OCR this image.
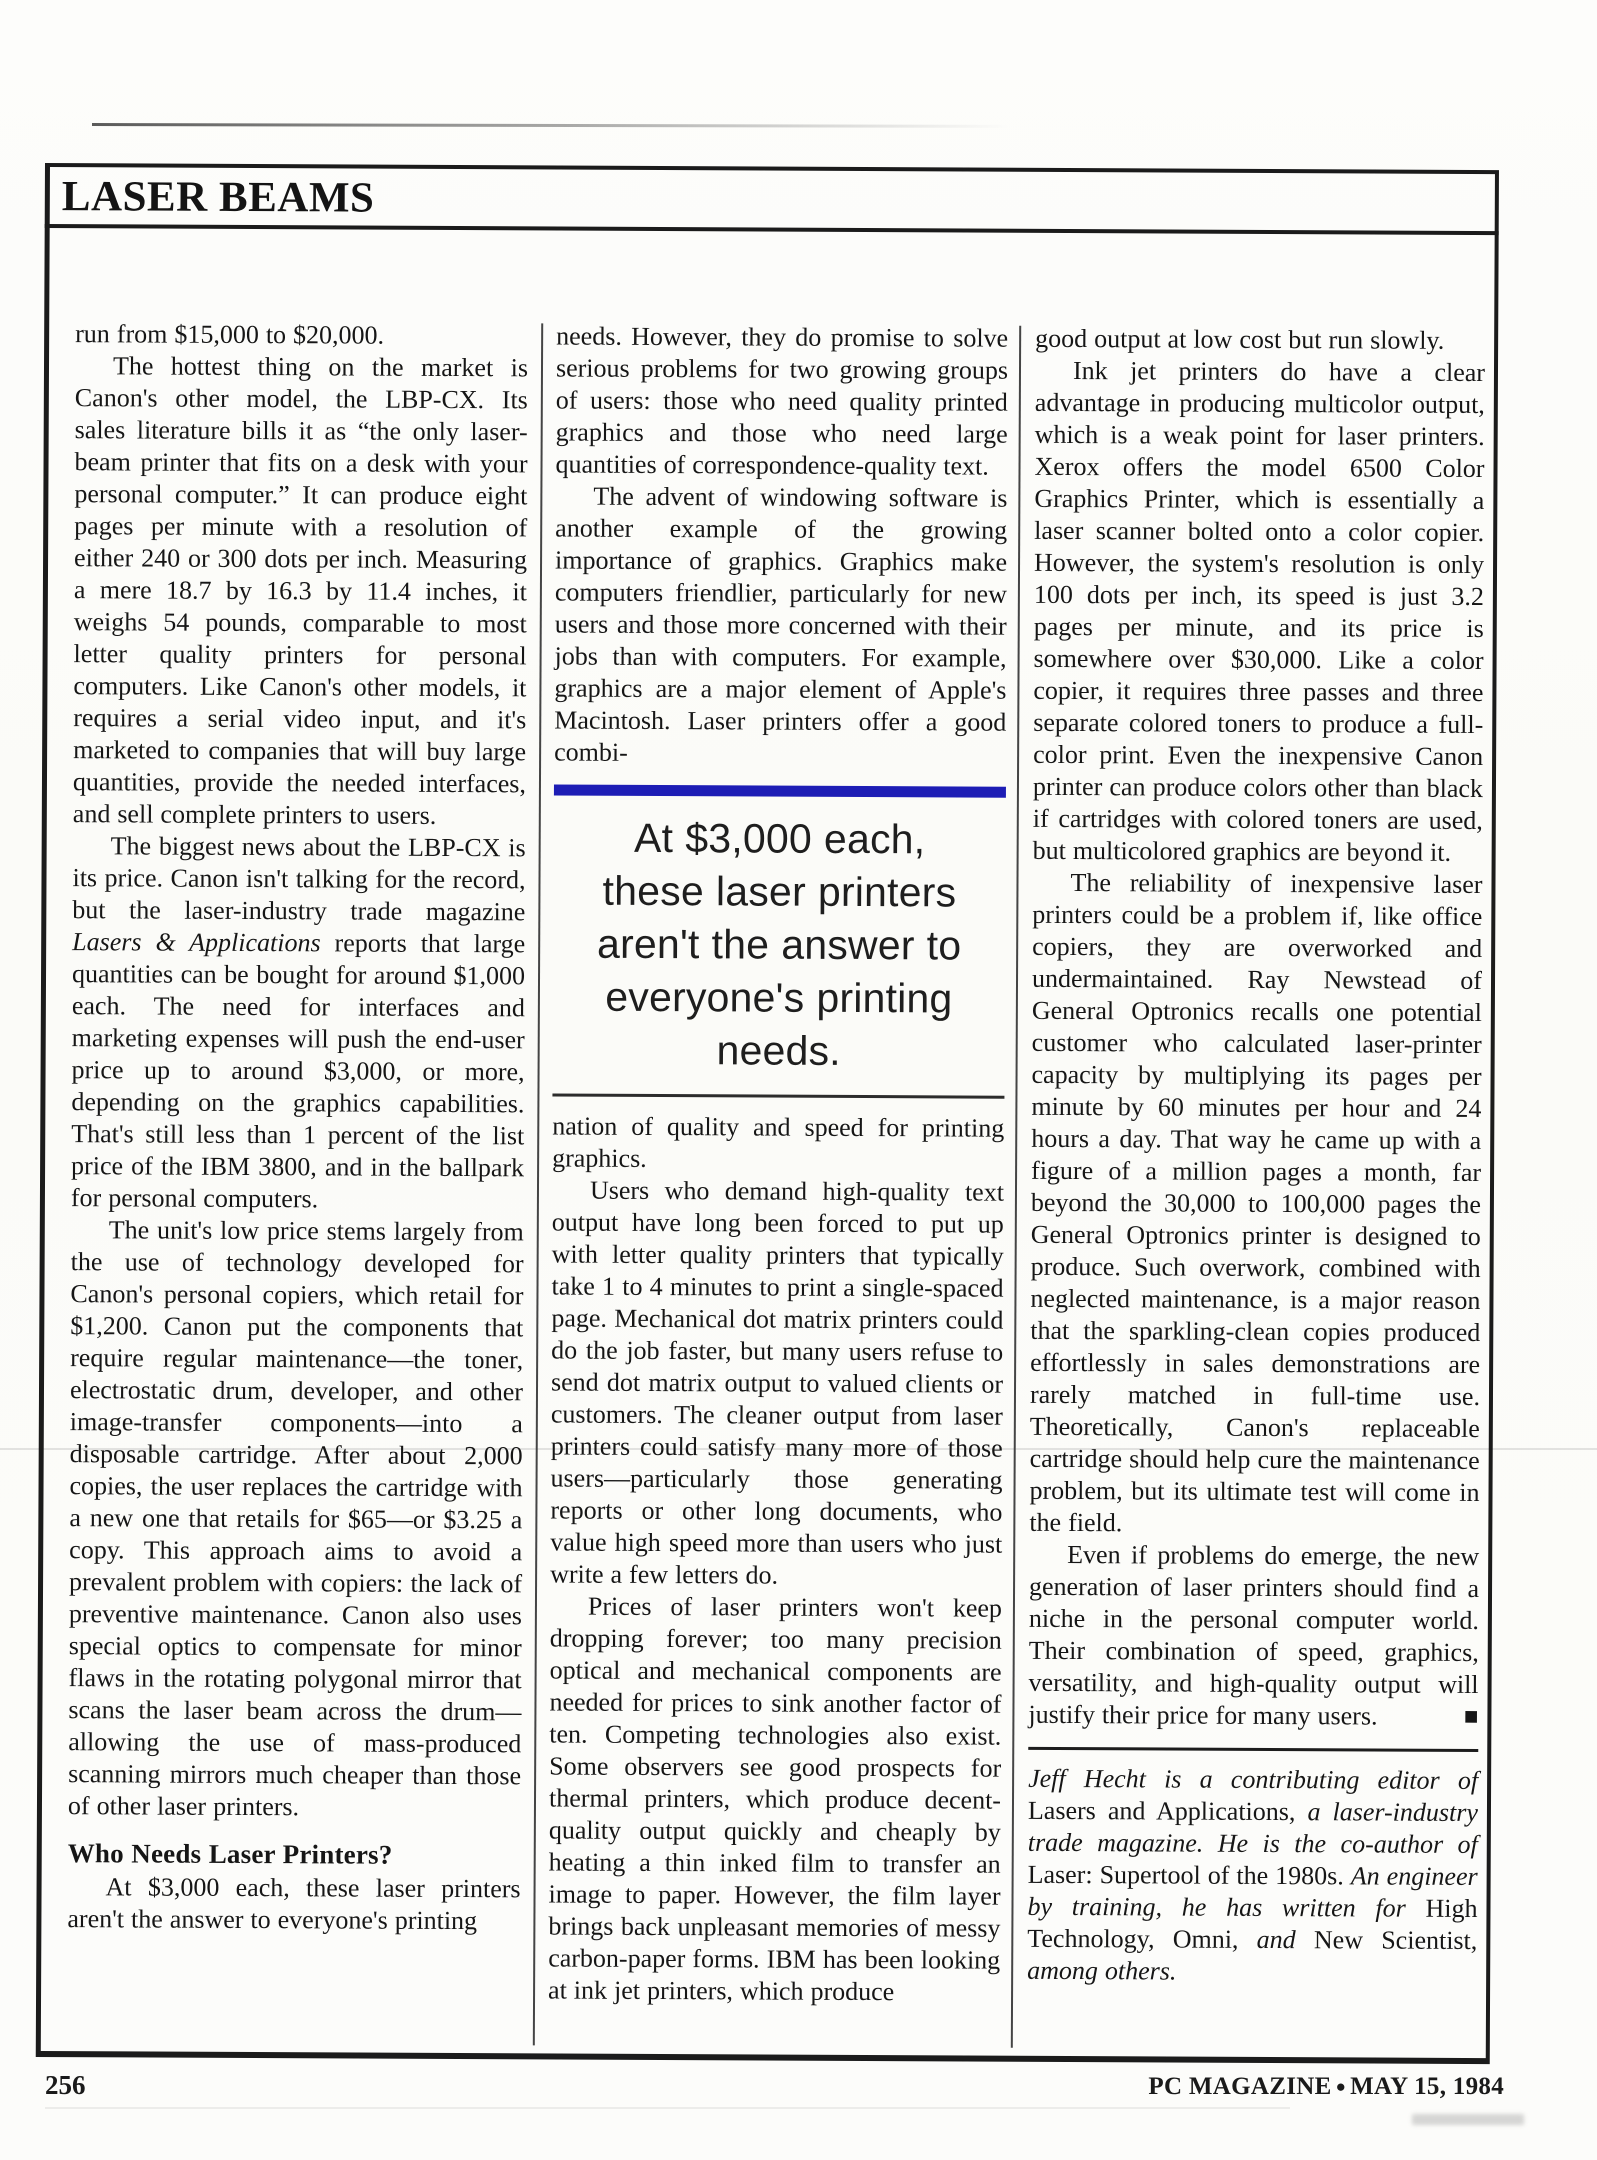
LASER BEAMS

run from $15,000 to $20,000.

The hottest thing on the market is Canon's other model, the LBP-CX. Its sales literature bills it as “the only laser-beam printer that fits on a desk with your personal computer.” It can produce eight pages per minute with a resolution of either 240 or 300 dots per inch. Measuring a mere 18.7 by 16.3 by 11.4 inches, it weighs 54 pounds, comparable to most letter quality printers for personal computers. Like Canon's other models, it requires a serial video input, and it's marketed to companies that will buy large quantities, provide the needed interfaces, and sell complete printers to users.

The biggest news about the LBP-CX is its price. Canon isn't talking for the record, but the laser-industry trade magazine Lasers & Applications reports that large quantities can be bought for around $1,000 each. The need for interfaces and marketing expenses will push the end-user price up to around $3,000, or more, depending on the graphics capabilities. That's still less than 1 percent of the list price of the IBM 3800, and in the ballpark for personal computers.

The unit's low price stems largely from the use of technology developed for Canon's personal copiers, which retail for $1,200. Canon put the components that require regular maintenance—the toner, electrostatic drum, developer, and other image-transfer components—into a disposable cartridge. After about 2,000 copies, the user replaces the cartridge with a new one that retails for $65—or $3.25 a copy. This approach aims to avoid a prevalent problem with copiers: the lack of preventive maintenance. Canon also uses special optics to compensate for minor flaws in the rotating polygonal mirror that scans the laser beam across the drum—allowing the use of mass-produced scanning mirrors much cheaper than those of other laser printers.

Who Needs Laser Printers?

At $3,000 each, these laser printers aren't the answer to everyone's printing

needs. However, they do promise to solve serious problems for two growing groups of users: those who need quality printed graphics and those who need large quantities of correspondence-quality text.

The advent of windowing software is another example of the growing importance of graphics. Graphics make computers friendlier, particularly for new users and those more concerned with their jobs than with computers. For example, graphics are a major element of Apple's Macintosh. Laser printers offer a good combi-

At $3,000 each,
these laser printers
aren't the answer to
everyone's printing
needs.

nation of quality and speed for printing graphics.

Users who demand high-quality text output have long been forced to put up with letter quality printers that typically take 1 to 4 minutes to print a single-spaced page. Mechanical dot matrix printers could do the job faster, but many users refuse to send dot matrix output to valued clients or customers. The cleaner output from laser printers could satisfy many more of those users—particularly those generating reports or other long documents, who value high speed more than users who just write a few letters do.

Prices of laser printers won't keep dropping forever; too many precision optical and mechanical components are needed for prices to sink another factor of ten. Competing technologies also exist. Some observers see good prospects for thermal printers, which produce decent-quality output quickly and cheaply by heating a thin inked film to transfer an image to paper. However, the film layer brings back unpleasant memories of messy carbon-paper forms. IBM has been looking at ink jet printers, which produce

good output at low cost but run slowly.

Ink jet printers do have a clear advantage in producing multicolor output, which is a weak point for laser printers. Xerox offers the model 6500 Color Graphics Printer, which is essentially a laser scanner bolted onto a color copier. However, the system's resolution is only 100 dots per inch, its speed is just 3.2 pages per minute, and its price is somewhere over $30,000. Like a color copier, it requires three passes and three separate colored toners to produce a full-color print. Even the inexpensive Canon printer can produce colors other than black if cartridges with colored toners are used, but multicolored graphics are beyond it.

The reliability of inexpensive laser printers could be a problem if, like office copiers, they are overworked and undermaintained. Ray Newstead of General Optronics recalls one potential customer who calculated laser-printer capacity by multiplying its pages per minute by 60 minutes per hour and 24 hours a day. That way he came up with a figure of a million pages a month, far beyond the 30,000 to 100,000 pages the General Optronics printer is designed to produce. Such overwork, combined with neglected maintenance, is a major reason that the sparkling-clean copies produced effortlessly in sales demonstrations are rarely matched in full-time use. Theoretically, Canon's replaceable cartridge should help cure the maintenance problem, but its ultimate test will come in the field.

Even if problems do emerge, the new generation of laser printers should find a niche in the personal computer world. Their combination of speed, graphics, versatility, and high-quality output will justify their price for many users.	■

Jeff Hecht is a contributing editor of Lasers and Applications, a laser-industry trade magazine. He is the co-author of Laser: Supertool of the 1980s. An engineer by training, he has written for High Technology, Omni, and New Scientist, among others.

256	PC MAGAZINE ● MAY 15, 1984
